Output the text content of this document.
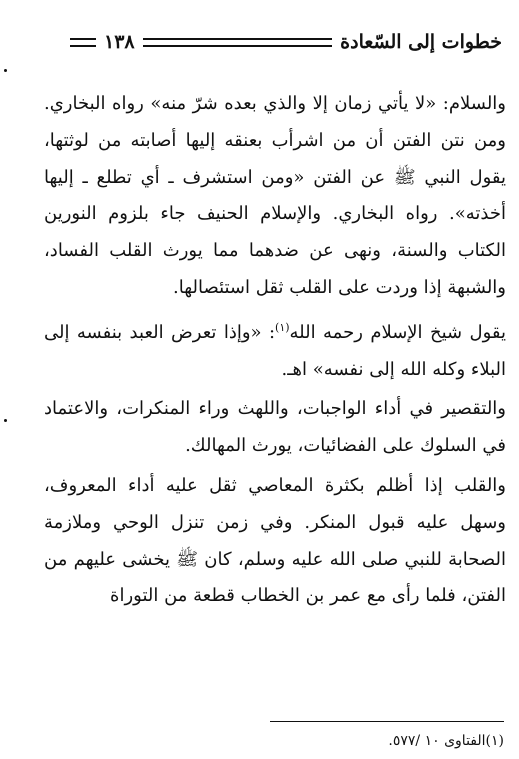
خطوات إلى السّعادة
١٣٨

والسلام: «لا يأتي زمان إلا والذي بعده شرّ منه» رواه البخاري. ومن نتن الفتن أن من اشرأب بعنقه إليها أصابته من لوثتها، يقول النبي ﷺ عن الفتن «ومن استشرف ـ أي تطلع ـ إليها أخذته». رواه البخاري. والإسلام الحنيف جاء بلزوم النورين الكتاب والسنة، ونهى عن ضدهما مما يورث القلب الفساد، والشبهة إذا وردت على القلب ثقل استئصالها.

يقول شيخ الإسلام رحمه الله$^{(١)}$: «وإذا تعرض العبد بنفسه إلى البلاء وكله الله إلى نفسه» اهـ.

والتقصير في أداء الواجبات، واللهث وراء المنكرات، والاعتماد في السلوك على الفضائيات، يورث المهالك.

والقلب إذا أظلم بكثرة المعاصي ثقل عليه أداء المعروف، وسهل عليه قبول المنكر. وفي زمن تنزل الوحي وملازمة الصحابة للنبي صلى الله عليه وسلم، كان ﷺ يخشى عليهم من الفتن، فلما رأى مع عمر بن الخطاب قطعة من التوراة

(١)الفتاوى ١٠ /٥٧٧.
